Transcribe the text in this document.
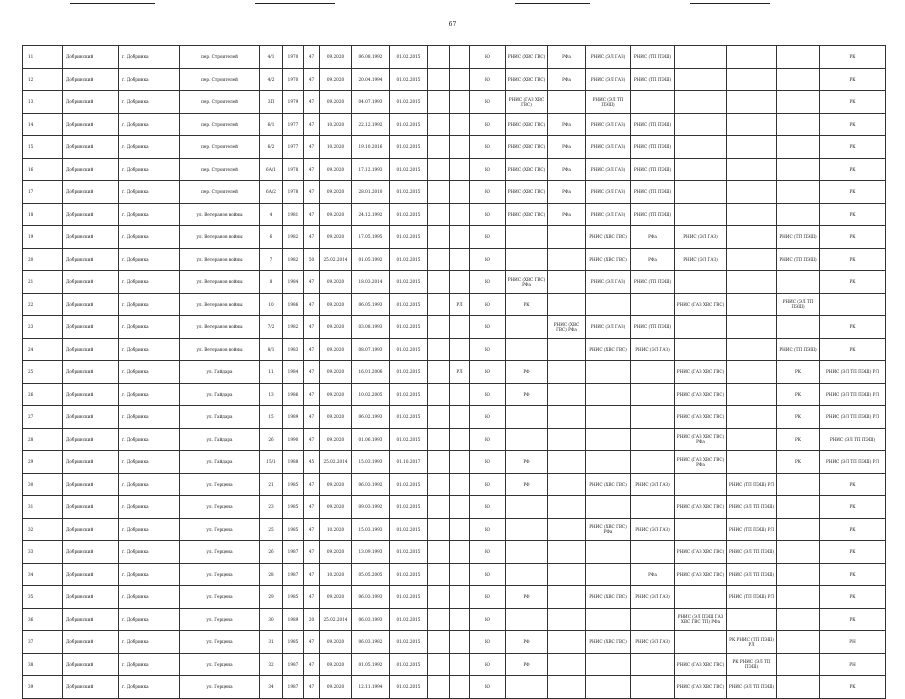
67
11	Добринский	г. Добринка	пер. Строителей	4/1	1970	47	09.2020	06.08.1992	01.02.2015			Ю	РНИС (ХВС ГВС)	РФа	РНИС (ЭЛ ГАЗ)	РНИС (ТП ПЭШ)				РК
12	Добринский	г. Добринка	пер. Строителей	4/2	1970	47	09.2020	20.04.1994	01.02.2015			Ю	РНИС (ХВС ГВС)	РФа	РНИС (ЭЛ ГАЗ)	РНИС (ТП ПЭШ)				РК
13	Добринский	г. Добринка	пер. Строителей	3П	1979	47	09.2020	04.07.1993	01.02.2015			Ю	РНИС (ГАЗ ХВС ГВС)		РНИС (ЭЛ ТП ПЭШ)					РК
14	Добринский	г. Добринка	пер. Строителей	6/1	1977	47	10.2020	22.12.1992	01.02.2015			Ю	РНИС (ХВС ГВС)	РФа	РНИС (ЭЛ ГАЗ)	РНИС (ТП ПЭШ)				РК
15	Добринский	г. Добринка	пер. Строителей	6/2	1977	47	10.2020	19.10.2016	01.02.2015			Ю	РНИС (ХВС ГВС)	РФа	РНИС (ЭЛ ГАЗ)	РНИС (ТП ПЭШ)				РК
16	Добринский	г. Добринка	пер. Строителей	6А/1	1978	47	09.2020	17.12.1993	01.02.2015			Ю	РНИС (ХВС ГВС)	РФа	РНИС (ЭЛ ГАЗ)	РНИС (ТП ПЭШ)				РК
17	Добринский	г. Добринка	пер. Строителей	6А/2	1978	47	09.2020	28.01.2010	01.02.2015			Ю	РНИС (ХВС ГВС)	РФа	РНИС (ЭЛ ГАЗ)	РНИС (ТП ПЭШ)				РК
18	Добринский	г. Добринка	ул. Ветеранов войны	4	1981	47	09.2020	24.12.1992	01.02.2015			Ю	РНИС (ХВС ГВС)	РФа	РНИС (ЭЛ ГАЗ)	РНИС (ТП ПЭШ)				РК
19	Добринский	г. Добринка	ул. Ветеранов войны	6	1982	47	09.2020	17.05.1995	01.02.2015			Ю			РНИС (ХВС ГВС)	РФа	РНИС (ЭЛ ГАЗ)		РНИС (ТП ПЭШ)	РК
20	Добринский	г. Добринка	ул. Ветеранов войны	7	1982	50	25.02.2014	01.05.1992	01.02.2015			Ю			РНИС (ХВС ГВС)	РФа	РНИС (ЭЛ ГАЗ)		РНИС (ТП ПЭШ)	РК
21	Добринский	г. Добринка	ул. Ветеранов войны	8	1984	47	09.2020	18.03.2014	01.02.2015			Ю	РНИС (ХВС ГВС) РФа		РНИС (ЭЛ ГАЗ)	РНИС (ТП ПЭШ)				РК
22	Добринский	г. Добринка	ул. Ветеранов войны	10	1986	47	09.2020	06.05.1993	01.02.2015		РЛ	Ю	РК				РНИС (ГАЗ ХВС ГВС)		РНИС (ЭЛ ТП ПЭШ)	
23	Добринский	г. Добринка	ул. Ветеранов войны	7/2	1982	47	09.2020	03.08.1993	01.02.2015			Ю		РНИС (ХВС ГВС) РФа	РНИС (ЭЛ ГАЗ)	РНИС (ТП ПЭШ)				РК
24	Добринский	г. Добринка	ул. Ветеранов войны	8/1	1983	47	09.2020	08.07.1993	01.02.2015			Ю			РНИС (ХВС ГВС)	РНИС (ЭЛ ГАЗ)			РНИС (ТП ПЭШ)	РК
25	Добринский	г. Добринка	ул. Гайдара	11	1984	47	09.2020	16.01.2006	01.02.2015		РЛ	Ю	РФ				РНИС (ГАЗ ХВС ГВС)		РК	РНИС (ЭЛ ТП ПЭШ) РЛ
26	Добринский	г. Добринка	ул. Гайдара	13	1986	47	09.2020	10.02.2005	01.02.2015			Ю	РФ				РНИС (ГАЗ ХВС ГВС)		РК	РНИС (ЭЛ ТП ПЭШ) РЛ
27	Добринский	г. Добринка	ул. Гайдара	15	1989	47	09.2020	06.02.1993	01.02.2015			Ю					РНИС (ГАЗ ХВС ГВС)		РК	РНИС (ЭЛ ТП ПЭШ) РЛ
28	Добринский	г. Добринка	ул. Гайдара	26	1990	47	09.2020	01.06.1993	01.02.2015			Ю					РНИС (ГАЗ ХВС ГВС) РФа		РК	РНИС (ЭЛ ТП ПЭШ)
29	Добринский	г. Добринка	ул. Гайдара	15/1	1988	45	25.02.2014	15.03.1993	01.10.2017			Ю	РФ				РНИС (ГАЗ ХВС ГВС) РФа		РК	РНИС (ЭЛ ТП ПЭШ) РЛ
30	Добринский	г. Добринка	ул. Герцена	21	1985	47	09.2020	06.03.1992	01.02.2015			Ю	РФ		РНИС (ХВС ГВС)	РНИС (ЭЛ ГАЗ)		РНИС (ТП ПЭШ) РЛ		РК
31	Добринский	г. Добринка	ул. Герцена	23	1985	47	09.2020	09.03.1992	01.02.2015			Ю					РНИС (ГАЗ ХВС ГВС)	РНИС (ЭЛ ТП ПЭШ)		РК
32	Добринский	г. Добринка	ул. Герцена	25	1985	47	10.2020	15.03.1993	01.02.2015			Ю			РНИС (ХВС ГВС) РФа	РНИС (ЭЛ ГАЗ)		РНИС (ТП ПЭШ) РЛ		РК
33	Добринский	г. Добринка	ул. Герцена	26	1987	47	09.2020	13.09.1993	01.02.2015			Ю					РНИС (ГАЗ ХВС ГВС)	РНИС (ЭЛ ТП ПЭШ)		РК
34	Добринский	г. Добринка	ул. Герцена	28	1987	47	10.2020	05.05.2005	01.02.2015			Ю				РФа	РНИС (ГАЗ ХВС ГВС)	РНИС (ЭЛ ТП ПЭШ)		РК
35	Добринский	г. Добринка	ул. Герцена	29	1985	47	09.2020	06.03.1993	01.02.2015			Ю	РФ		РНИС (ХВС ГВС)	РНИС (ЭЛ ГАЗ)		РНИС (ТП ПЭШ) РЛ		РК
36	Добринский	г. Добринка	ул. Герцена	30	1989	20	25.02.2014	06.03.1993	01.02.2015			Ю					РНИС (ЭЛ ПЭШ ГАЗ ХВС ГВС ТП) РФа			РК
37	Добринский	г. Добринка	ул. Герцена	31	1985	47	09.2020	06.03.1982	01.02.2015			Ю	РФ		РНИС (ХВС ГВС)	РНИС (ЭЛ ГАЗ)		РК РНИС (ТП ПЭШ) РЛ		РН
38	Добринский	г. Добринка	ул. Герцена	32	1987	47	09.2020	01.05.1992	01.02.2015			Ю	РФ				РНИС (ГАЗ ХВС ГВС)	РК РНИС (ЭЛ ТП ПЭШ)		РН
39	Добринский	г. Добринка	ул. Герцена	34	1987	47	09.2020	12.11.1994	01.02.2015			Ю					РНИС (ГАЗ ХВС ГВС)	РНИС (ЭЛ ТП ПЭШ)		РК
